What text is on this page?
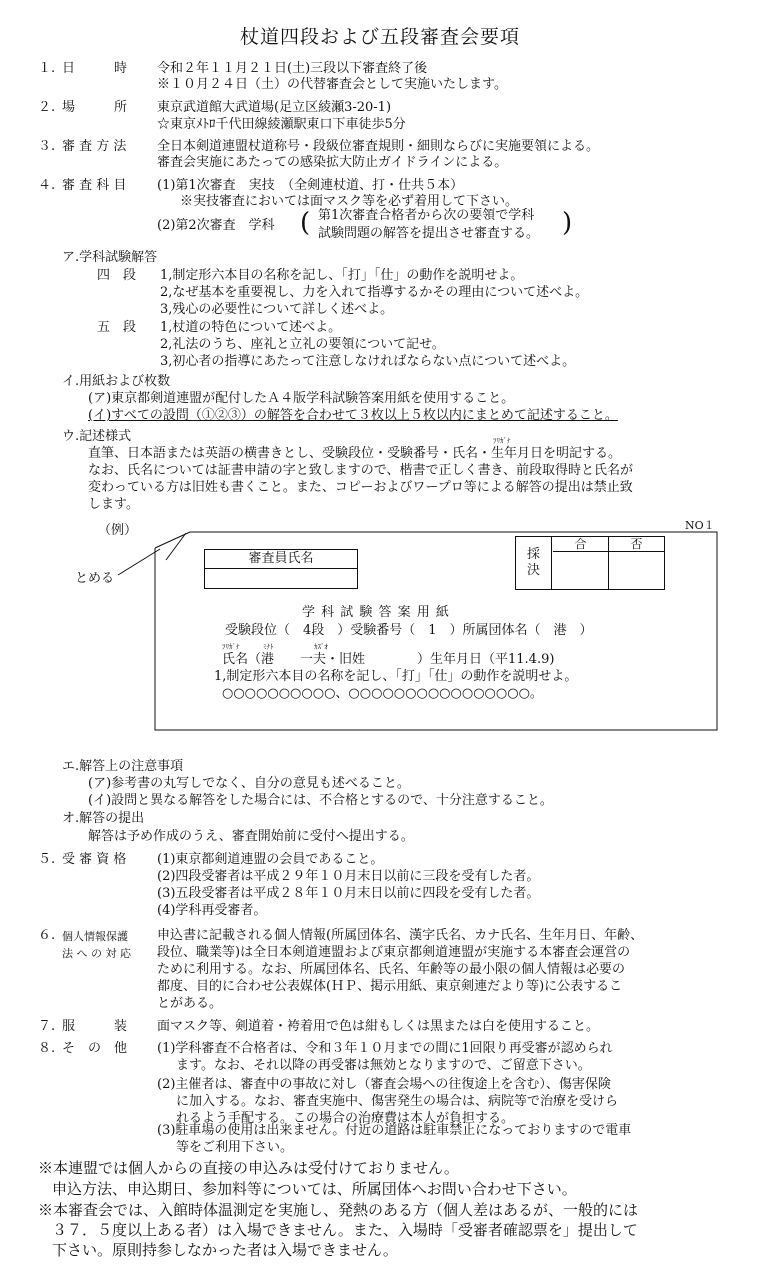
杖道四段および五段審査会要項
１. 日　　　時 令和２年１１月２１日(土)三段以下審査終了後
※１０月２４日（土）の代替審査会として実施いたします。
２. 場　　　所 東京武道館大武道場(足立区綾瀬3-20-1)
☆東京ﾒﾄﾛ千代田線綾瀬駅東口下車徒歩5分
３. 審 査 方 法 全日本剣道連盟杖道称号・段級位審査規則・細則ならびに実施要領による。
審査会実施にあたっての感染拡大防止ガイドラインによる。
４. 審 査 科 目 (1)第1次審査　実技　（全剣連杖道、打・仕共５本）
※実技審査においては面マスク等を必ず着用して下さい。
(2)第2次審査　学科 ( 第1次審査合格者から次の要領で学科
試験問題の解答を提出させ審査する。 )
ア.学科試験解答
四　段 1,制定形六本目の名称を記し、「打」「仕」の動作を説明せよ。
2,なぜ基本を重要視し、力を入れて指導するかその理由について述べよ。
3,残心の必要性について詳しく述べよ。
五　段 1,杖道の特色について述べよ。
2,礼法のうち、座礼と立礼の要領について記せ。
3,初心者の指導にあたって注意しなければならない点について述べよ。
イ.用紙および枚数
(ア)東京都剣道連盟が配付したＡ４版学科試験答案用紙を使用すること。
(イ)すべての設問（①②③）の解答を合わせて３枚以上５枚以内にまとめて記述すること。
ウ.記述様式	ﾌﾘｶﾞﾅ
直筆、日本語または英語の横書きとし、受験段位・受験番号・氏名・生年月日を明記する。
なお、氏名については証書申請の字と致しますので、楷書で正しく書き、前段取得時と氏名が
変わっている方は旧姓も書くこと。また、コピーおよびワープロ等による解答の提出は禁止致
します。
（例）
とめる
NO１
審査員氏名	採
決
合	否
学 科 試 験 答 案 用 紙
受験段位（　4段　）受験番号（　1　）所属団体名（　港　）
ﾌﾘｶﾞﾅ	ﾐﾅﾄ	ｶｽﾞｵ
氏名（港　　一夫・旧姓　　　　）生年月日（平11.4.9)
1,制定形六本目の名称を記し、「打」「仕」の動作を説明せよ。
○○○○○○○○○○、○○○○○○○○○○○○○○○○。
エ.解答上の注意事項
(ア)参考書の丸写しでなく、自分の意見も述べること。
(イ)設問と異なる解答をした場合には、不合格とするので、十分注意すること。
オ.解答の提出
解答は予め作成のうえ、審査開始前に受付へ提出する。
５. 受 審 資 格 (1)東京都剣道連盟の会員であること。
(2)四段受審者は平成２９年１０月末日以前に三段を受有した者。
(3)五段受審者は平成２８年１０月末日以前に四段を受有した者。
(4)学科再受審者。
６. 個人情報保護
法 へ の 対 応
申込書に記載される個人情報(所属団体名、漢字氏名、カナ氏名、生年月日、年齢、
段位、職業等)は全日本剣道連盟および東京都剣道連盟が実施する本審査会運営の
ために利用する。なお、所属団体名、氏名、年齢等の最小限の個人情報は必要の
都度、目的に合わせ公表媒体(ＨＰ、掲示用紙、東京剣連だより等)に公表するこ
とがある。
７. 服　　　装 面マスク等、剣道着・袴着用で色は紺もしくは黒または白を使用すること。
８. そ　の　他 (1)学科審査不合格者は、令和３年１０月までの間に1回限り再受審が認められ
ます。なお、それ以降の再受審は無効となりますので、ご留意下さい。
(2)主催者は、審査中の事故に対し（審査会場への往復途上を含む）、傷害保険
に加入する。なお、審査実施中、傷害発生の場合は、病院等で治療を受けら
れるよう手配する。この場合の治療費は本人が負担する。
(3)駐車場の使用は出来ません。付近の道路は駐車禁止になっておりますので電車
等をご利用下さい。
※本連盟では個人からの直接の申込みは受付けておりません。
申込方法、申込期日、参加料等については、所属団体へお問い合わせ下さい。
※本審査会では、入館時体温測定を実施し、発熱のある方（個人差はあるが、一般的には
３７．５度以上ある者）は入場できません。また、入場時「受審者確認票を」提出して
下さい。原則持参しなかった者は入場できません。
